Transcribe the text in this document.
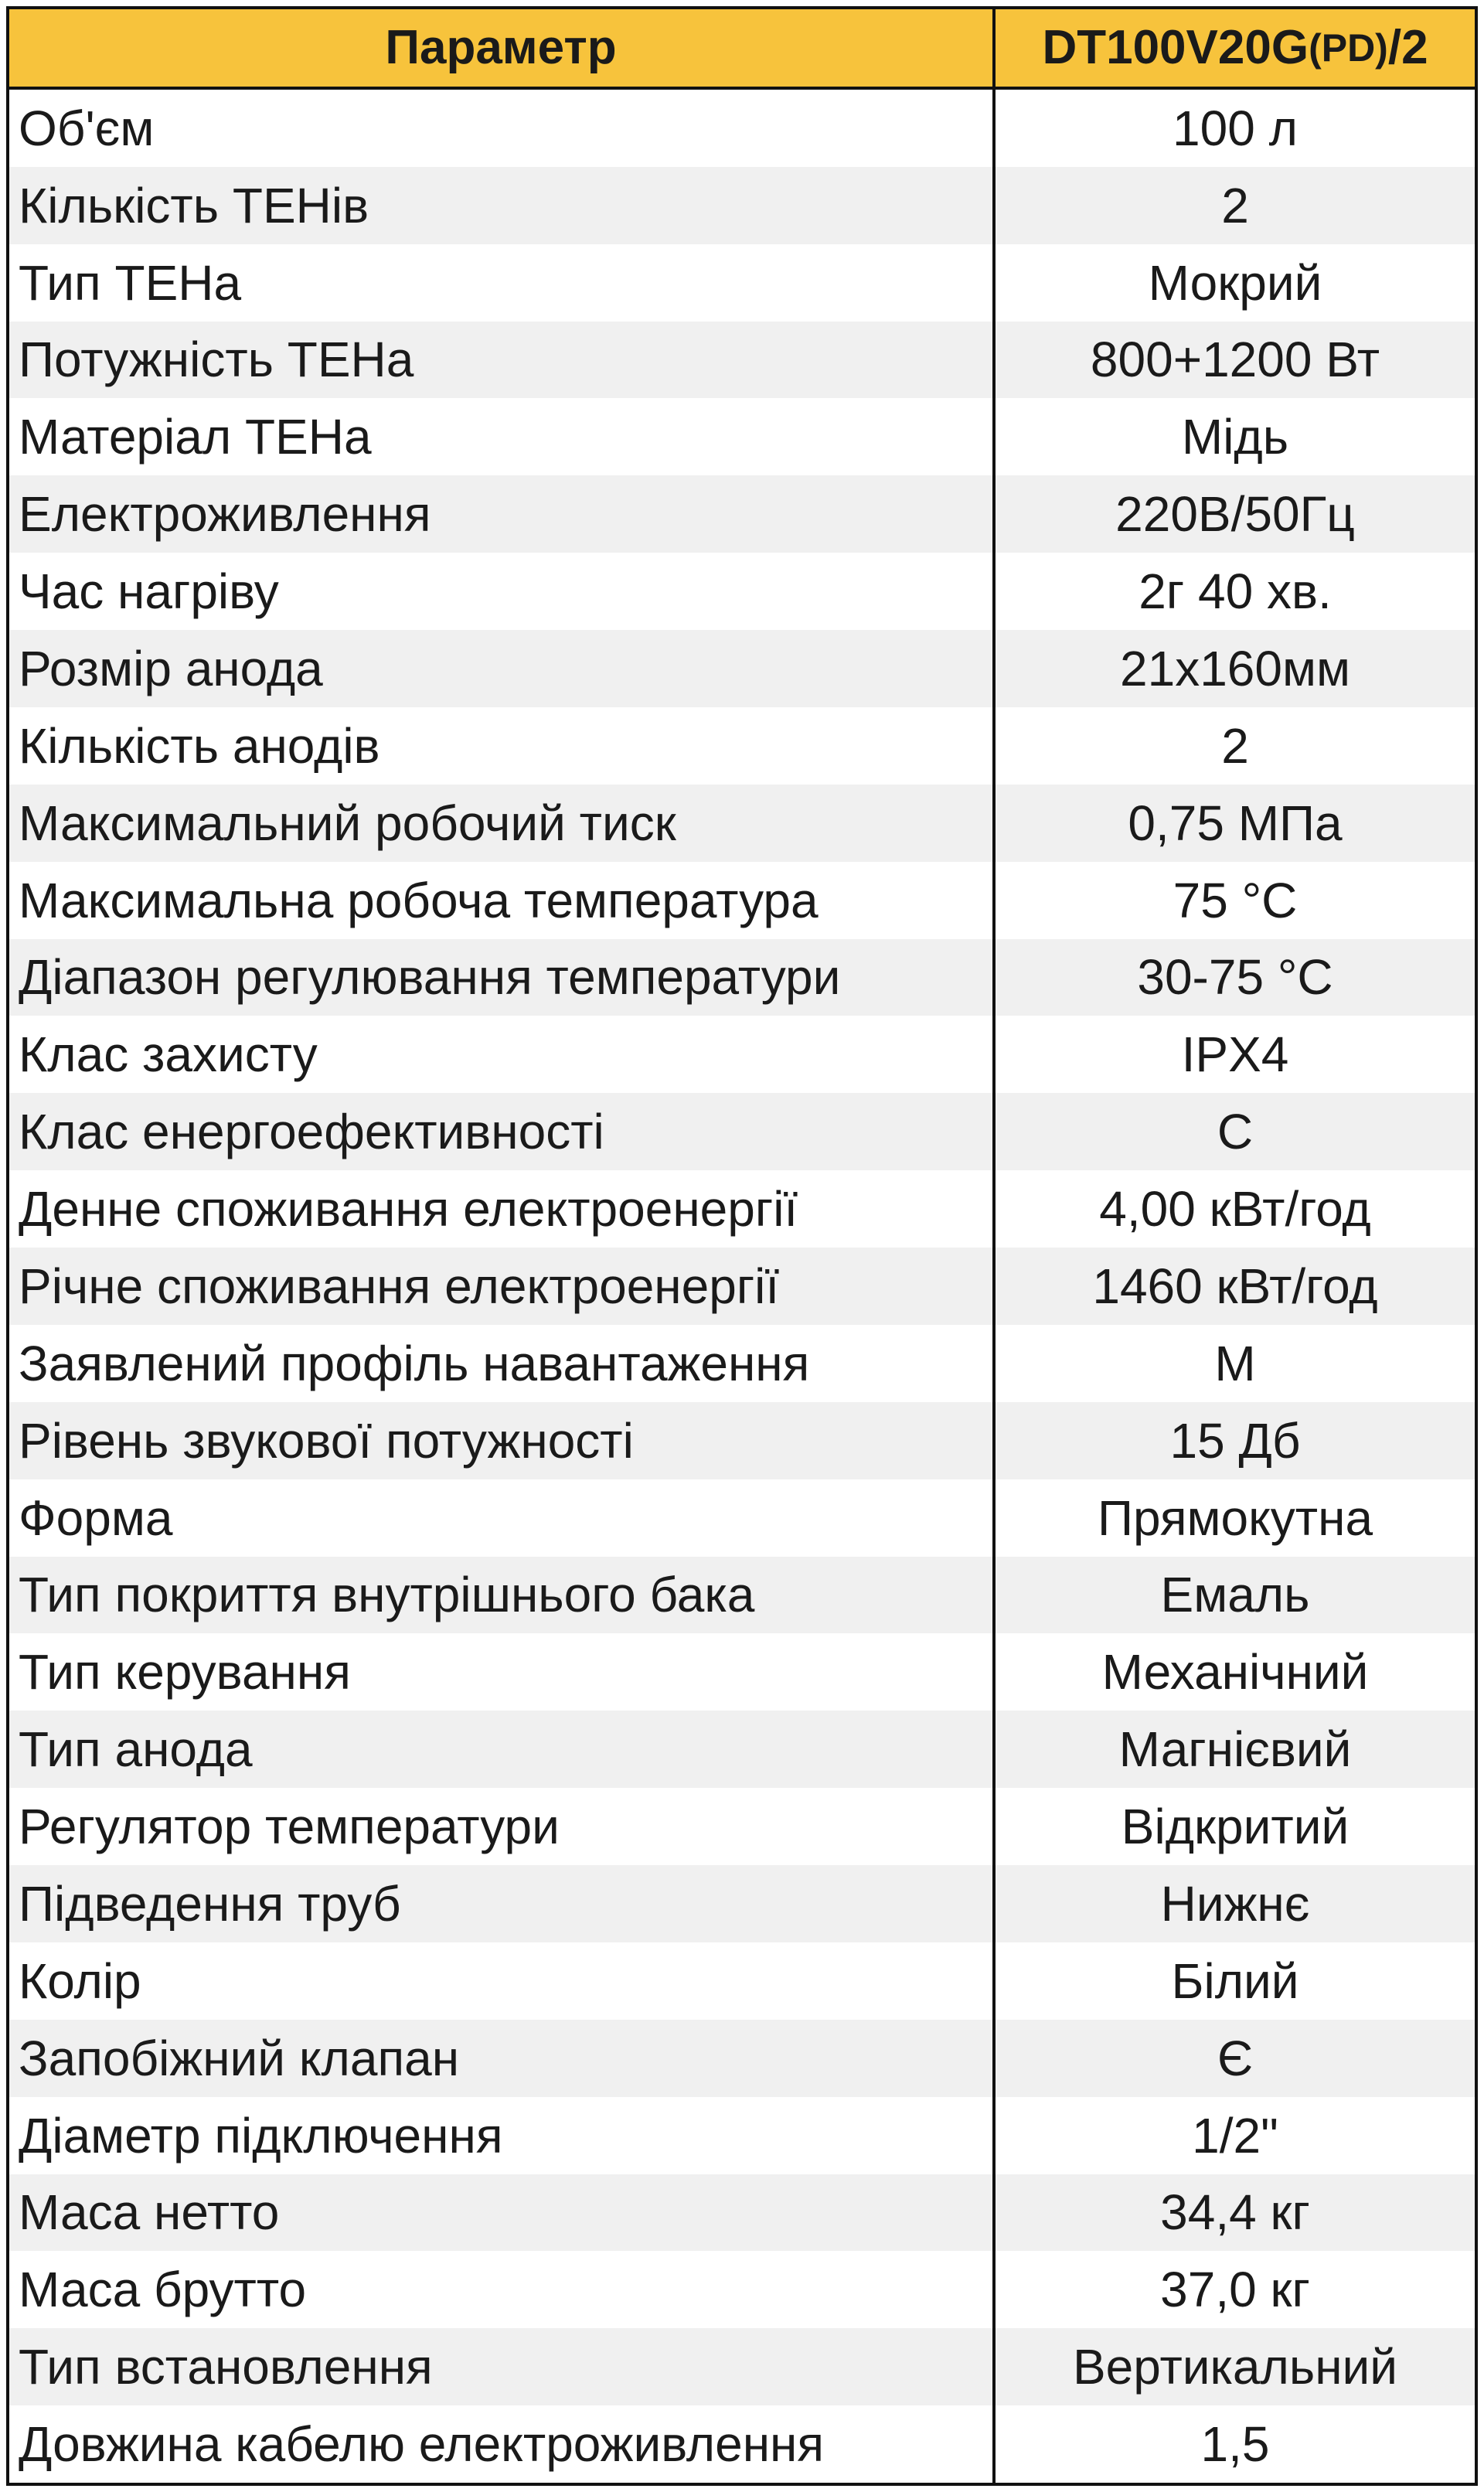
Параметр	DT100V20G (PD) /2
Об'єм	100 л
Кількість ТЕНів	2
Тип ТЕНа	Мокрий
Потужність ТЕНа	800+1200 Вт
Матеріал ТЕНа	Мідь
Електроживлення	220В/50Гц
Час нагріву	2г 40 хв.
Розмір анода	21x160мм
Кількість анодів	2
Максимальний робочий тиск	0,75 МПа
Максимальна робоча температура	75 °С
Діапазон регулювання температури	30-75 °С
Клас захисту	IPX4
Клас енергоефективності	C
Денне споживання електроенергії	4,00 кВт/год
Річне споживання електроенергії	1460 кВт/год
Заявлений профіль навантаження	M
Рівень звукової потужності	15 Дб
Форма	Прямокутна
Тип покриття внутрішнього бака	Емаль
Тип керування	Механічний
Тип анода	Магнієвий
Регулятор температури	Відкритий
Підведення труб	Нижнє
Колір	Білий
Запобіжний клапан	Є
Діаметр підключення	1/2"
Маса нетто	34,4 кг
Маса брутто	37,0 кг
Тип встановлення	Вертикальний
Довжина кабелю електроживлення	1,5
